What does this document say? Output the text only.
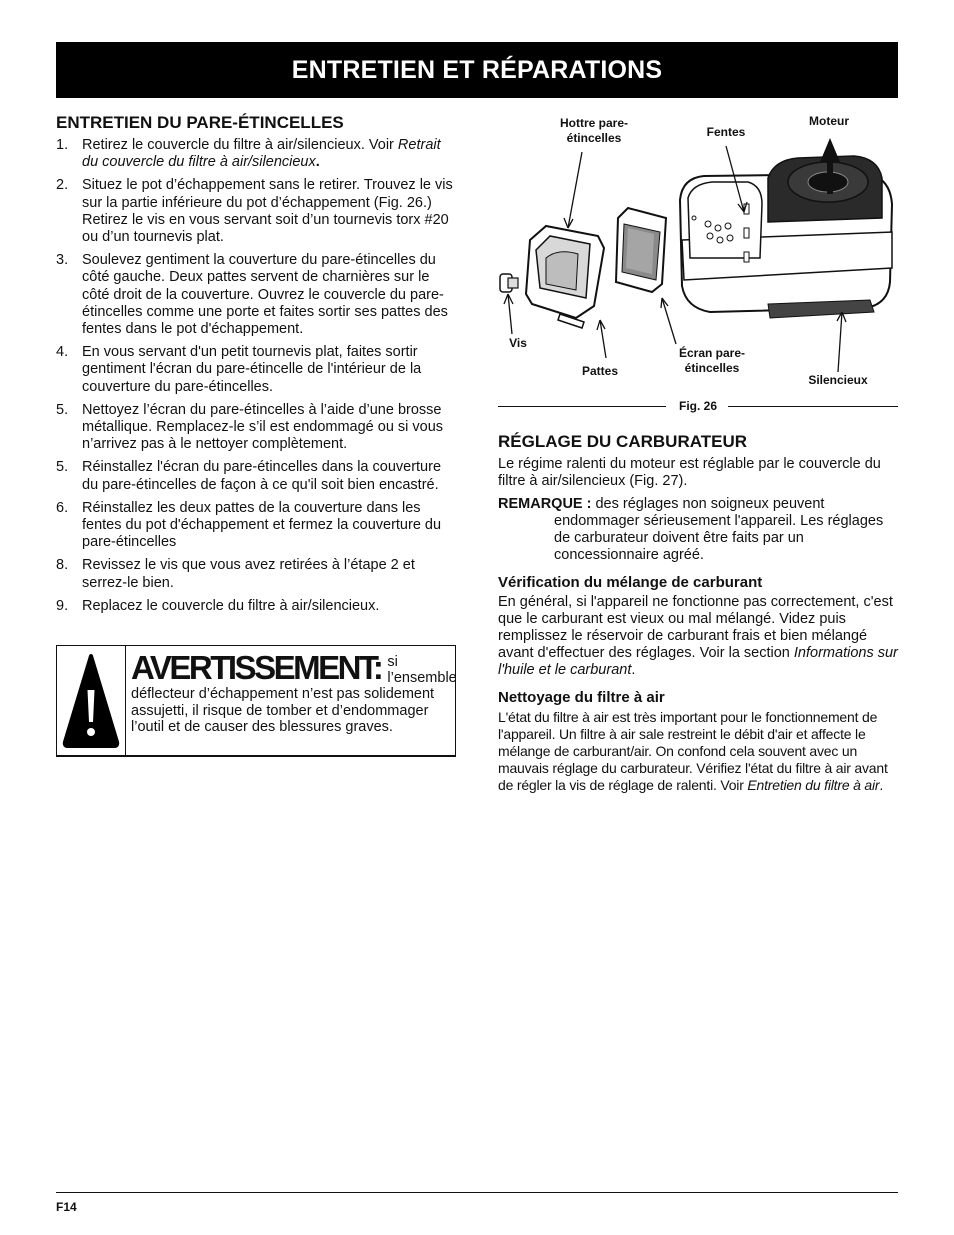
ENTRETIEN ET RÉPARATIONS
ENTRETIEN DU PARE-ÉTINCELLES
1. Retirez le couvercle du filtre à air/silencieux. Voir Retrait du couvercle du filtre à air/silencieux.
2. Situez le pot d’échappement sans le retirer. Trouvez le vis sur la partie inférieure du pot d’échappement (Fig. 26.) Retirez le vis en vous servant soit d’un tournevis torx #20 ou d’un tournevis plat.
3. Soulevez gentiment la couverture du pare-étincelles du côté gauche. Deux pattes servent de charnières sur le côté droit de la couverture. Ouvrez le couvercle du pare-étincelles comme une porte et faites sortir ses pattes des fentes dans le pot d'échappement.
4. En vous servant d'un petit tournevis plat, faites sortir gentiment l'écran du pare-étincelle de l'intérieur de la couverture du pare-étincelles.
5. Nettoyez l’écran du pare-étincelles à l’aide d’une brosse métallique. Remplacez-le s’il est endommagé ou si vous n’arrivez pas à le nettoyer complètement.
5. Réinstallez l'écran du pare-étincelles dans la couverture du pare-étincelles de façon à ce qu'il soit bien encastré.
6. Réinstallez les deux pattes de la couverture dans les fentes du pot d'échappement et fermez la couverture du pare-étincelles
8. Revissez le vis que vous avez retirées à l’étape 2 et serrez-le bien.
9. Replacez le couvercle du filtre à air/silencieux.
AVERTISSEMENT: si l’ensemble
déflecteur d’échappement n’est pas solidement assujetti, il risque de tomber et d’endommager l’outil et de causer des blessures graves.
Hottre pare-
étincelles	Fentes
Moteur
Vis
Pattes
Écran pare-
étincelles
Silencieux
Fig. 26
RÉGLAGE DU CARBURATEUR

Le régime ralenti du moteur est réglable par le couvercle du filtre à air/silencieux (Fig. 27).

REMARQUE : des réglages non soigneux peuvent endommager sérieusement l'appareil. Les réglages de carburateur doivent être faits par un concessionnaire agréé.

Vérification du mélange de carburant

En général, si l'appareil ne fonctionne pas correctement, c'est que le carburant est vieux ou mal mélangé. Videz puis remplissez le réservoir de carburant frais et bien mélangé avant d'effectuer des réglages. Voir la section Informations sur l'huile et le carburant.

Nettoyage du filtre à air

L'état du filtre à air est très important pour le fonctionnement de l'appareil. Un filtre à air sale restreint le débit d'air et affecte le mélange de carburant/air. On confond cela souvent avec un mauvais réglage du carburateur. Vérifiez l'état du filtre à air avant de régler la vis de réglage de ralenti. Voir Entretien du filtre à air.

F14
